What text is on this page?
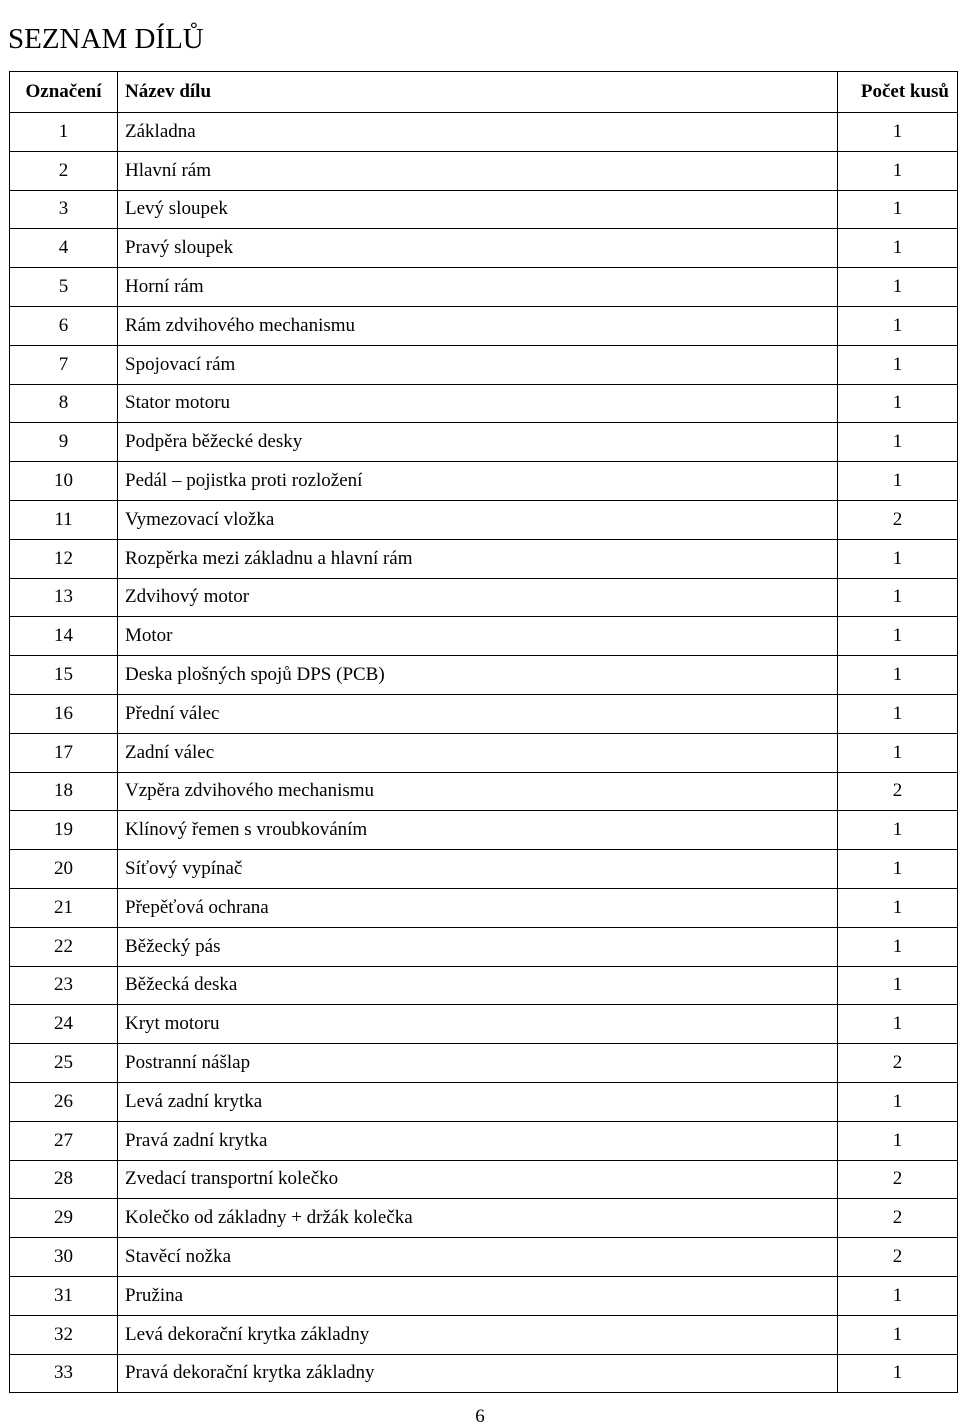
SEZNAM DÍLŮ
Označení	Název dílu	Počet kusů
1	Základna	1
2	Hlavní rám	1
3	Levý sloupek	1
4	Pravý sloupek	1
5	Horní rám	1
6	Rám zdvihového mechanismu	1
7	Spojovací rám	1
8	Stator motoru	1
9	Podpěra běžecké desky	1
10	Pedál – pojistka proti rozložení	1
11	Vymezovací vložka	2
12	Rozpěrka mezi základnu a hlavní rám	1
13	Zdvihový motor	1
14	Motor	1
15	Deska plošných spojů DPS (PCB)	1
16	Přední válec	1
17	Zadní válec	1
18	Vzpěra zdvihového mechanismu	2
19	Klínový řemen s vroubkováním	1
20	Síťový vypínač	1
21	Přepěťová ochrana	1
22	Běžecký pás	1
23	Běžecká deska	1
24	Kryt motoru	1
25	Postranní nášlap	2
26	Levá zadní krytka	1
27	Pravá zadní krytka	1
28	Zvedací transportní kolečko	2
29	Kolečko od základny + držák kolečka	2
30	Stavěcí nožka	2
31	Pružina	1
32	Levá dekorační krytka základny	1
33	Pravá dekorační krytka základny	1
6
